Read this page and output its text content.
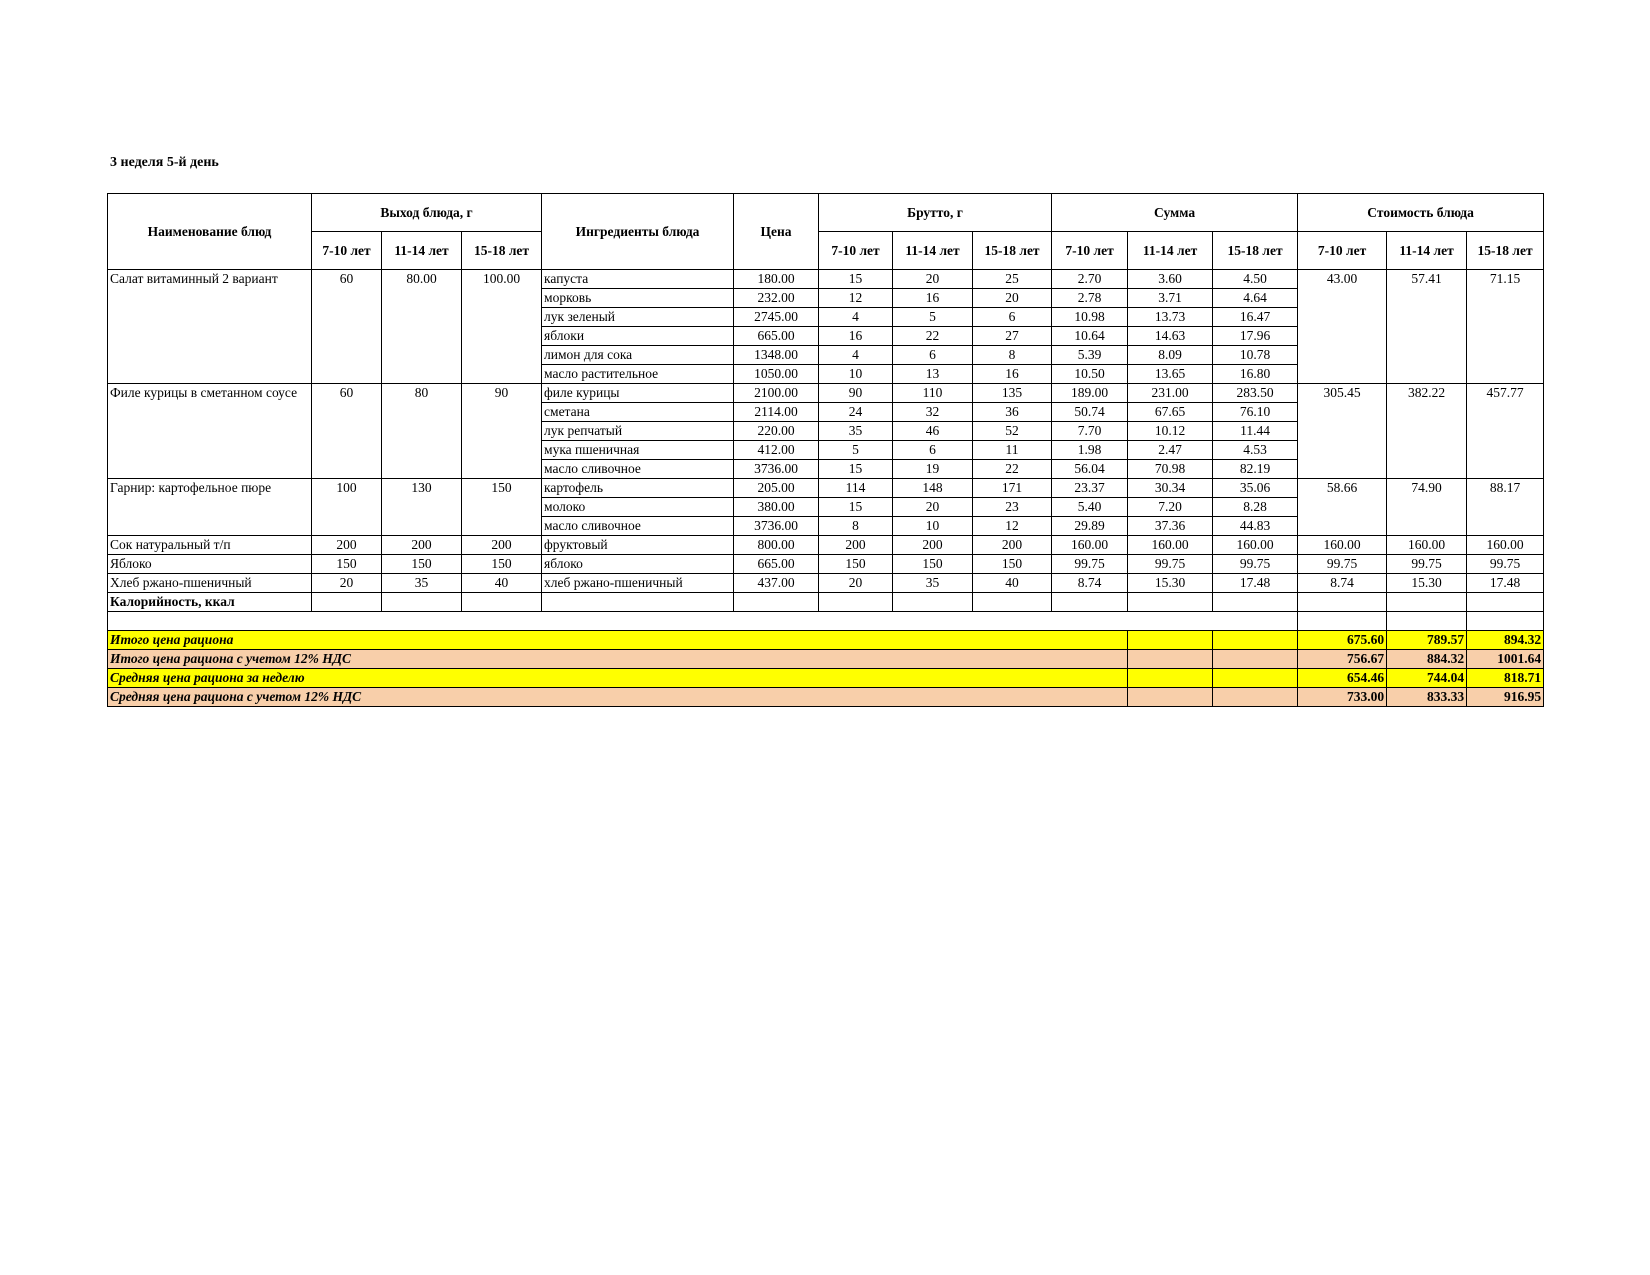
3 неделя 5-й день
Наименование блюд	Выход блюда, г			Ингредиенты блюда	Цена	Брутто, г			Сумма			Стоимость блюда		
	7-10 лет	11-14 лет	15-18 лет			7-10 лет	11-14 лет	15-18 лет	7-10 лет	11-14 лет	15-18 лет	7-10 лет	11-14 лет	15-18 лет
Салат витаминный 2 вариант	60	80.00	100.00	капуста	180.00	15	20	25	2.70	3.60	4.50	43.00	57.41	71.15
				морковь	232.00	12	16	20	2.78	3.71	4.64			
				лук зеленый	2745.00	4	5	6	10.98	13.73	16.47			
				яблоки	665.00	16	22	27	10.64	14.63	17.96			
				лимон для сока	1348.00	4	6	8	5.39	8.09	10.78			
				масло растительное	1050.00	10	13	16	10.50	13.65	16.80			
Филе курицы в сметанном соусе	60	80	90	филе курицы	2100.00	90	110	135	189.00	231.00	283.50	305.45	382.22	457.77
				сметана	2114.00	24	32	36	50.74	67.65	76.10			
				лук репчатый	220.00	35	46	52	7.70	10.12	11.44			
				мука пшеничная	412.00	5	6	11	1.98	2.47	4.53			
				масло сливочное	3736.00	15	19	22	56.04	70.98	82.19			
Гарнир: картофельное пюре	100	130	150	картофель	205.00	114	148	171	23.37	30.34	35.06	58.66	74.90	88.17
				молоко	380.00	15	20	23	5.40	7.20	8.28			
				масло сливочное	3736.00	8	10	12	29.89	37.36	44.83			
Сок натуральный т/п	200	200	200	фруктовый	800.00	200	200	200	160.00	160.00	160.00	160.00	160.00	160.00
Яблоко	150	150	150	яблоко	665.00	150	150	150	99.75	99.75	99.75	99.75	99.75	99.75
Хлеб ржано-пшеничный	20	35	40	хлеб ржано-пшеничный	437.00	20	35	40	8.74	15.30	17.48	8.74	15.30	17.48
Калорийность, ккал														

Итого цена рациона												675.60	789.57	894.32
Итого цена рациона с учетом 12% НДС												756.67	884.32	1001.64
Средняя цена рациона за неделю												654.46	744.04	818.71
Средняя цена рациона с учетом 12% НДС												733.00	833.33	916.95
